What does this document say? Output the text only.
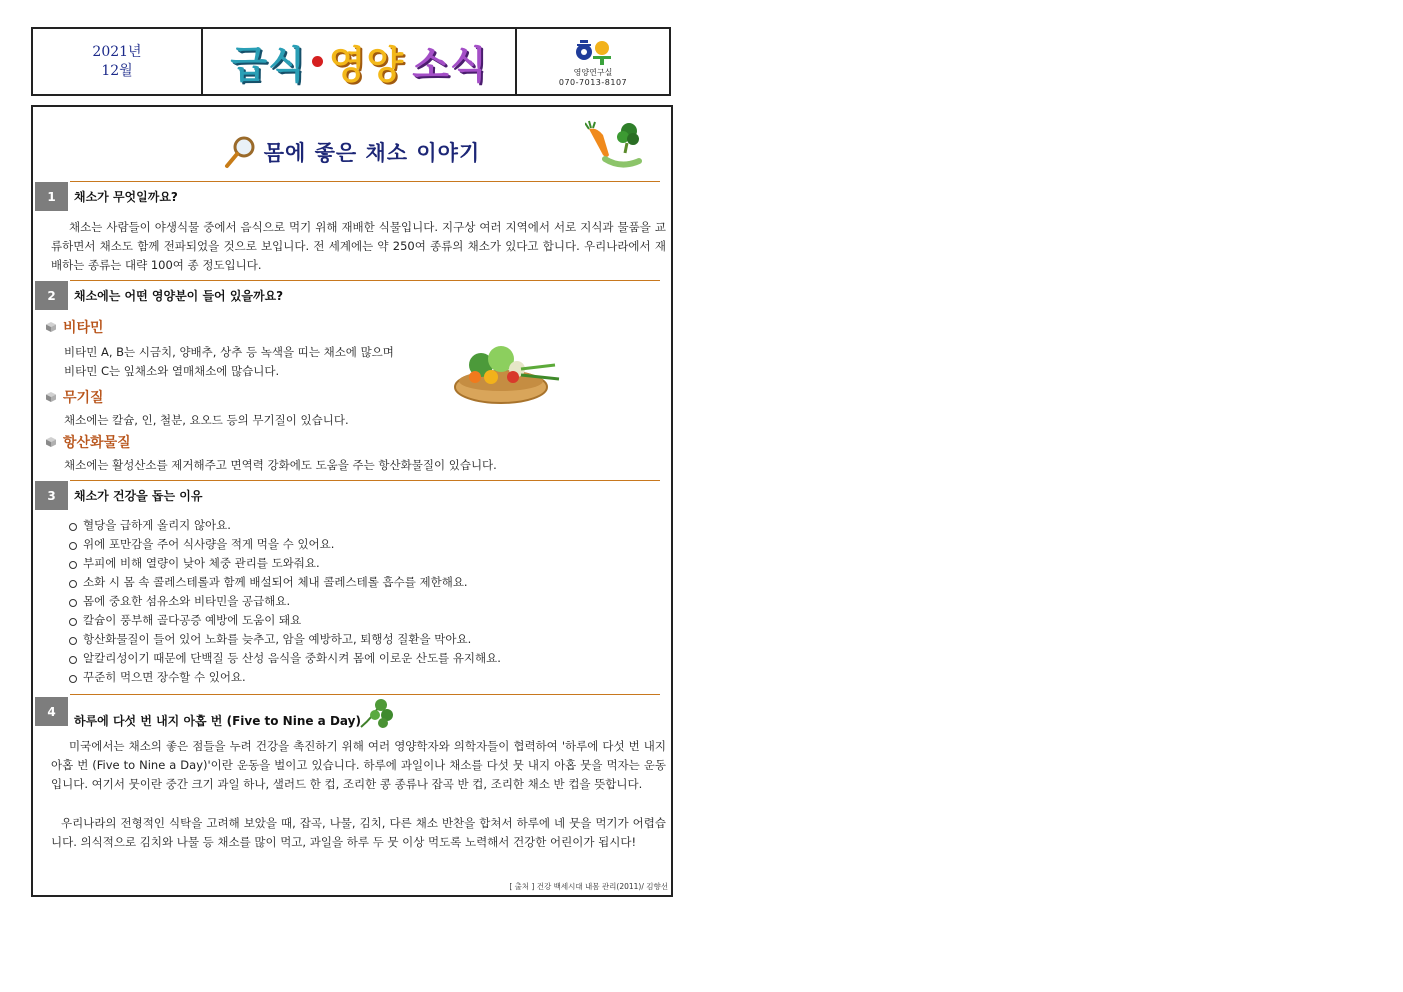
2021년
12월	급식 영양 소식	영양연구실
070-7013-8107
몸에 좋은 채소 이야기
1	채소가 무엇일까요?
채소는 사람들이 야생식물 중에서 음식으로 먹기 위해 재배한 식물입니다. 지구상 여러 지역에서 서로 지식과 물품을 교류하면서 채소도 함께 전파되었을 것으로 보입니다. 전 세계에는 약 250여 종류의 채소가 있다고 합니다. 우리나라에서 재배하는 종류는 대략 100여 종 정도입니다.
2	채소에는 어떤 영양분이 들어 있을까요?
비타민
비타민 A, B는 시금치, 양배추, 상추 등 녹색을 띠는 채소에 많으며
비타민 C는 잎채소와 열매채소에 많습니다.
무기질
채소에는 칼슘, 인, 철분, 요오드 등의 무기질이 있습니다.
항산화물질
채소에는 활성산소를 제거해주고 면역력 강화에도 도움을 주는 항산화물질이 있습니다.
3	채소가 건강을 돕는 이유
혈당을 급하게 올리지 않아요.
위에 포만감을 주어 식사량을 적게 먹을 수 있어요.
부피에 비해 열량이 낮아 체중 관리를 도와줘요.
소화 시 몸 속 콜레스테롤과 함께 배설되어 체내 콜레스테롤 흡수를 제한해요.
몸에 중요한 섬유소와 비타민을 공급해요.
칼슘이 풍부해 골다공증 예방에 도움이 돼요
항산화물질이 들어 있어 노화를 늦추고, 암을 예방하고, 퇴행성 질환을 막아요.
알칼리성이기 때문에 단백질 등 산성 음식을 중화시켜 몸에 이로운 산도를 유지해요.
꾸준히 먹으면 장수할 수 있어요.
4
하루에 다섯 번 내지 아홉 번 (Five to Nine a Day)
미국에서는 채소의 좋은 점들을 누려 건강을 촉진하기 위해 여러 영양학자와 의학자들이 협력하여 '하루에 다섯 번 내지 아홉 번 (Five to Nine a Day)'이란 운동을 벌이고 있습니다. 하루에 과일이나 채소를 다섯 뭇 내지 아홉 뭇을 먹자는 운동입니다. 여기서 뭇이란 중간 크기 과일 하나, 샐러드 한 컵, 조리한 콩 종류나 잡곡 반 컵, 조리한 채소 반 컵을 뜻합니다.
우리나라의 전형적인 식탁을 고려해 보았을 때, 잡곡, 나물, 김치, 다른 채소 반찬을 합쳐서 하루에 네 뭇을 먹기가 어렵습니다. 의식적으로 김치와 나물 등 채소를 많이 먹고, 과일을 하루 두 뭇 이상 먹도록 노력해서 건강한 어린이가 됩시다!
[ 출처 ] 건강 백세시대 내몸 관리(2011)/ 김향선
